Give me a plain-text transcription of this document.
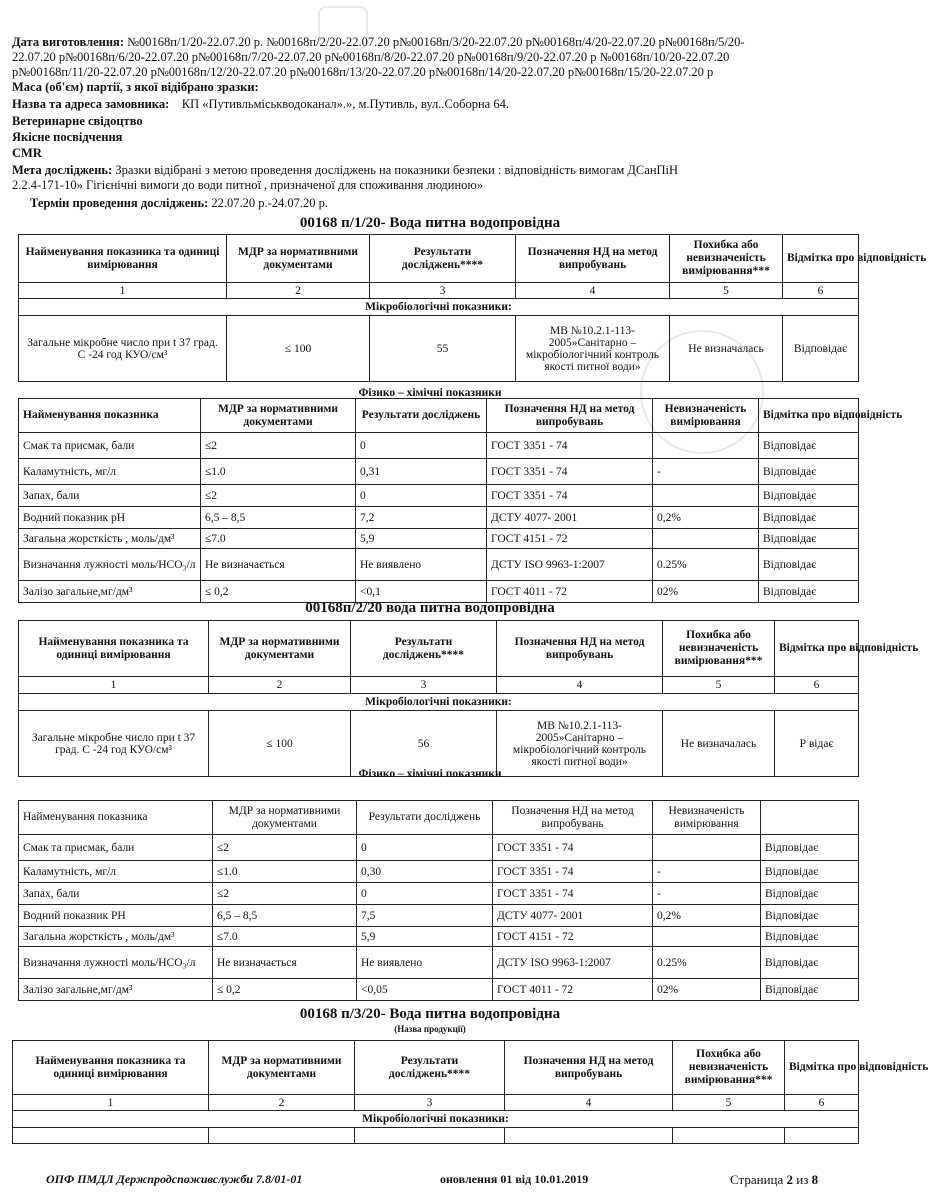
Дата виготовлення: №00168п/1/20-22.07.20 р. №00168п/2/20-22.07.20 р№00168п/3/20-22.07.20 р№00168п/4/20-22.07.20 р№00168п/5/20-
22.07.20 р№00168п/6/20-22.07.20 р№00168п/7/20-22.07.20 р№00168п/8/20-22.07.20 р№00168п/9/20-22.07.20 р №00168п/10/20-22.07.20
р№00168п/11/20-22.07.20 р№00168п/12/20-22.07.20 р№00168п/13/20-22.07.20 р№00168п/14/20-22.07.20 р№00168п/15/20-22.07.20 р
Маса (об'єм) партії, з якої відібрано зразки:
Назва та адреса замовника: КП «Путивльміськводоканал».», м.Путивль, вул..Соборна 64.
Ветеринарне свідоцтво
Якісне посвідчення
CMR
Мета досліджень: Зразки відібрані з метою проведення досліджень на показники безпеки : відповідність вимогам ДСанПіН
2.2.4-171-10» Гігієнічні вимоги до води питної , призначеної для споживання людиною»
Термін проведення досліджень: 22.07.20 р.-24.07.20 р.
00168 п/1/20- Вода питна водопровідна
Найменування показника та одиниці вимірювання	МДР за нормативними документами	Результати досліджень****	Позначення НД на метод випробувань	Похибка або невизначеність вимірювання***	Відмітка про відповідність
1	2	3	4	5	6
Мікробіологічні показники:					
Загальне мікробне число при t 37 град. С -24 год КУО/см³	≤ 100	55	МВ №10.2.1-113-2005»Санітарно – мікробіологічний контроль якості питної води»	Не визначалась	Відповідає
Фізико – хімічні показники
Найменування показника	МДР за нормативними документами	Результати досліджень	Позначення НД на метод випробувань	Невизначеність вимірювання	Відмітка про відповідність
Смак та присмак, бали	≤2	0	ГОСТ 3351 - 74		Відповідає
Каламутність, мг/л	≤1.0	0,31	ГОСТ 3351 - 74	-	Відповідає
Запах, бали	≤2	0	ГОСТ 3351 - 74		Відповідає
Водний показник рН	6,5 – 8,5	7,2	ДСТУ 4077- 2001	0,2%	Відповідає
Загальна жорсткість , моль/дм³	≤7.0	5,9	ГОСТ 4151 - 72		Відповідає
Визначання лужності моль/НСО₃/л	Не визначається	Не виявлено	ДСТУ ISO 9963-1:2007	0.25%	Відповідає
Залізо загальне,мг/дм³	≤ 0,2	<0,1	ГОСТ 4011 - 72	02%	Відповідає
00168п/2/20 вода питна водопровідна
Найменування показника та одиниці вимірювання	МДР за нормативними документами	Результати досліджень****	Позначення НД на метод випробувань	Похибка або невизначеність вимірювання***	Відмітка про відповідність
1	2	3	4	5	6
Мікробіологічні показники:					
Загальне мікробне число при t 37 град. С -24 год КУО/см³	≤ 100	56	МВ №10.2.1-113-2005»Санітарно – мікробіологічний контроль якості питної води»	Не визначалась	Р відає
Фізико – хімічні показники
Найменування показника	МДР за нормативними документами	Результати досліджень	Позначення НД на метод випробувань	Невизначеність вимірювання	
Смак та присмак, бали	≤2	0	ГОСТ 3351 - 74		Відповідає
Каламутність, мг/л	≤1.0	0,30	ГОСТ 3351 - 74	-	Відповідає
Запах, бали	≤2	0	ГОСТ 3351 - 74	-	Відповідає
Водний показник РН	6,5 – 8,5	7,5	ДСТУ 4077- 2001	0,2%	Відповідає
Загальна жорсткість , моль/дм³	≤7.0	5,9	ГОСТ 4151 - 72		Відповідає
Визначання лужності моль/НСО₃/л	Не визначається	Не виявлено	ДСТУ ISO 9963-1:2007	0.25%	Відповідає
Залізо загальне,мг/дм³	≤ 0,2	<0,05	ГОСТ 4011 - 72	02%	Відповідає
00168 п/3/20- Вода питна водопровідна
(Назва продукції)
Найменування показника та одиниці вимірювання	МДР за нормативними документами	Результати досліджень****	Позначення НД на метод випробувань	Похибка або невизначеність вимірювання***	Відмітка про відповідність
1	2	3	4	5	6
Мікробіологічні показники:					

ОПФ ПМДЛ Держпродспоживслужби 7.8/01-01	оновлення 01 від 10.01.2019	Страница 2 из 8
